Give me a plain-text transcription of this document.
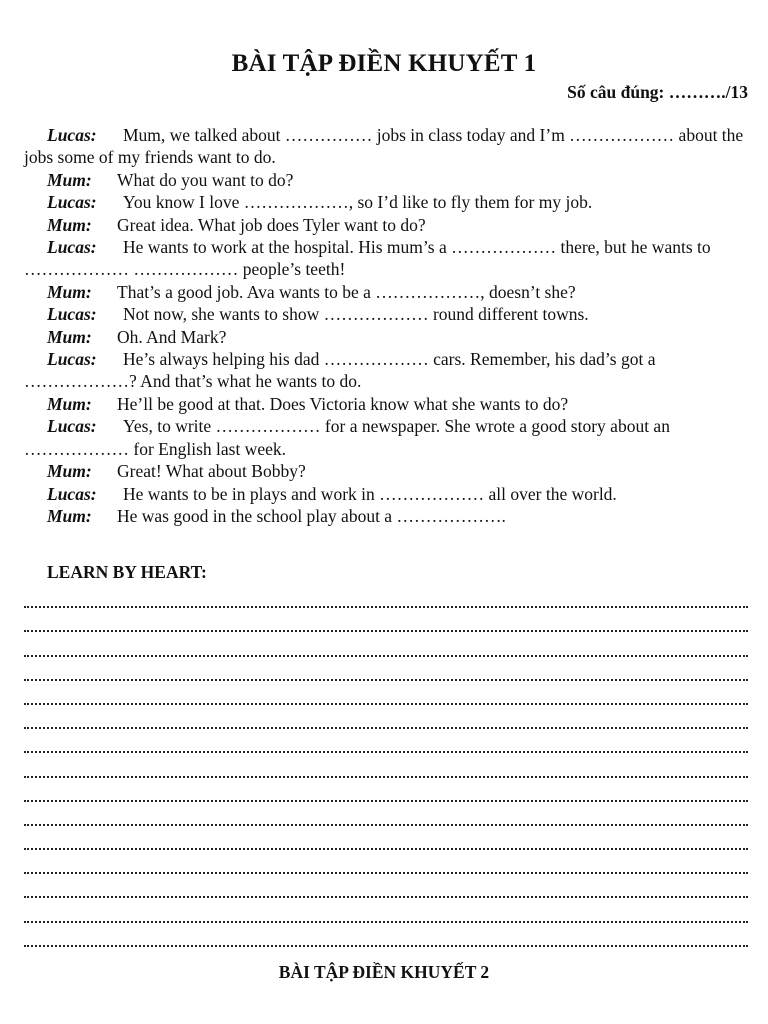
BÀI TẬP ĐIỀN KHUYẾT 1
Số câu đúng: ………./13

Lucas: Mum, we talked about …………… jobs in class today and I’m ……………… about the jobs some of my friends want to do.

Mum: What do you want to do?

Lucas: You know I love ………………, so I’d like to fly them for my job.

Mum: Great idea. What job does Tyler want to do?

Lucas: He wants to work at the hospital. His mum’s a ……………… there, but he wants to ……………… ……………… people’s teeth!

Mum: That’s a good job. Ava wants to be a ………………, doesn’t she?

Lucas: Not now, she wants to show ……………… round different towns.

Mum: Oh. And Mark?

Lucas: He’s always helping his dad ……………… cars. Remember, his dad’s got a ………………? And that’s what he wants to do.

Mum: He’ll be good at that. Does Victoria know what she wants to do?

Lucas: Yes, to write ……………… for a newspaper. She wrote a good story about an ……………… for English last week.

Mum: Great! What about Bobby?

Lucas: He wants to be in plays and work in ……………… all over the world.

Mum: He was good in the school play about a ……………….

LEARN BY HEART:
BÀI TẬP ĐIỀN KHUYẾT 2
